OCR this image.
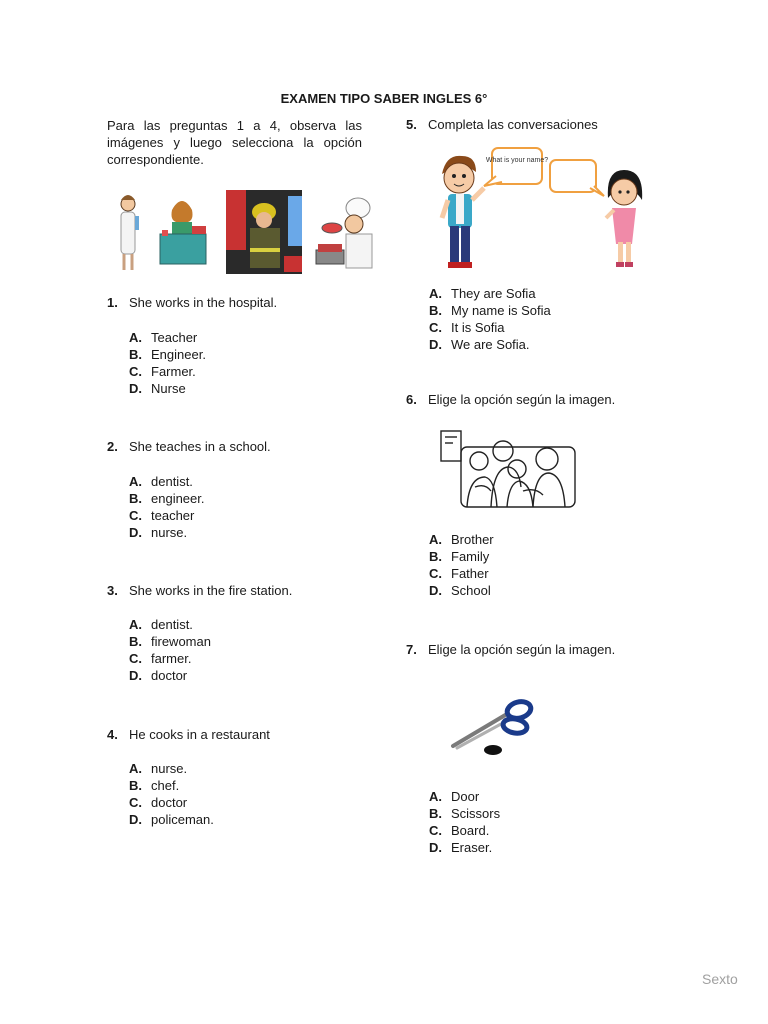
EXAMEN TIPO SABER INGLES 6°
Para las preguntas 1 a 4, observa las imágenes y luego selecciona la opción correspondiente.
1. She works in the hospital.
A. Teacher
B. Engineer.
C. Farmer.
D. Nurse
2. She teaches in a school.
A. dentist.
B. engineer.
C. teacher
D. nurse.
3. She works in the fire station.
A. dentist.
B. firewoman
C. farmer.
D. doctor
4. He cooks in a restaurant
A. nurse.
B. chef.
C. doctor
D. policeman.
5. Completa las conversaciones
What is your name?
A. They are Sofia
B. My name is Sofia
C. It is Sofia
D. We are Sofia.
6. Elige la opción según la imagen.
A. Brother
B. Family
C. Father
D. School
7. Elige la opción según la imagen.
A. Door
B. Scissors
C. Board.
D. Eraser.
Sexto
